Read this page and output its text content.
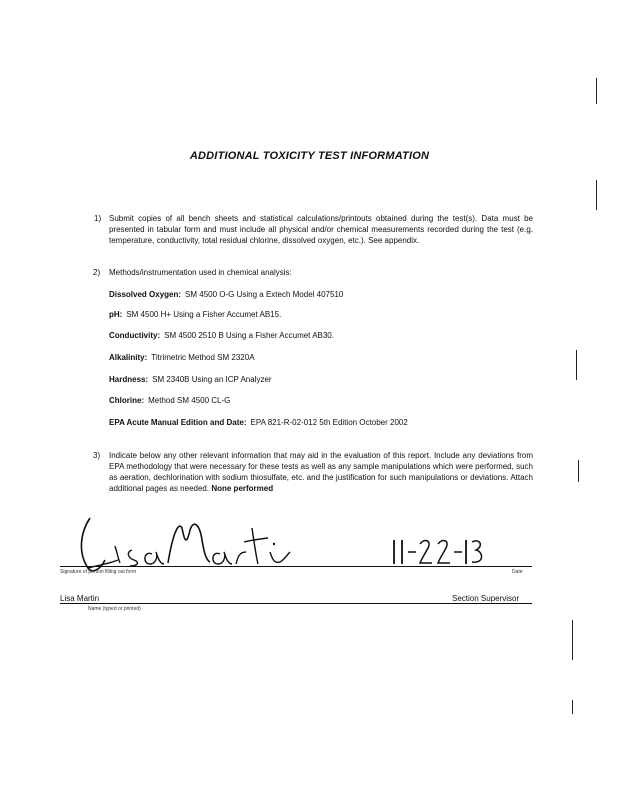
ADDITIONAL TOXICITY TEST INFORMATION
1) Submit copies of all bench sheets and statistical calculations/printouts obtained during the test(s). Data must be presented in tabular form and must include all physical and/or chemical measurements recorded during the test (e.g. temperature, conductivity, total residual chlorine, dissolved oxygen, etc.). See appendix.
2) Methods/instrumentation used in chemical analysis:
Dissolved Oxygen: SM 4500 O-G Using a Extech Model 407510
pH: SM 4500 H+ Using a Fisher Accumet AB15.
Conductivity: SM 4500 2510 B Using a Fisher Accumet AB30.
Alkalinity: Titrimetric Method SM 2320A
Hardness: SM 2340B Using an ICP Analyzer
Chlorine: Method SM 4500 CL-G
EPA Acute Manual Edition and Date: EPA 821-R-02-012 5th Edition October 2002
3) Indicate below any other relevant information that may aid in the evaluation of this report. Include any deviations from EPA methodology that were necessary for these tests as well as any sample manipulations which were performed, such as aeration, dechlorination with sodium thiosulfate, etc. and the justification for such manipulations or deviations. Attach additional pages as needed. None performed
Signature of person filling out form	Date
Lisa Martin	Section Supervisor
Name (typed or printed)
